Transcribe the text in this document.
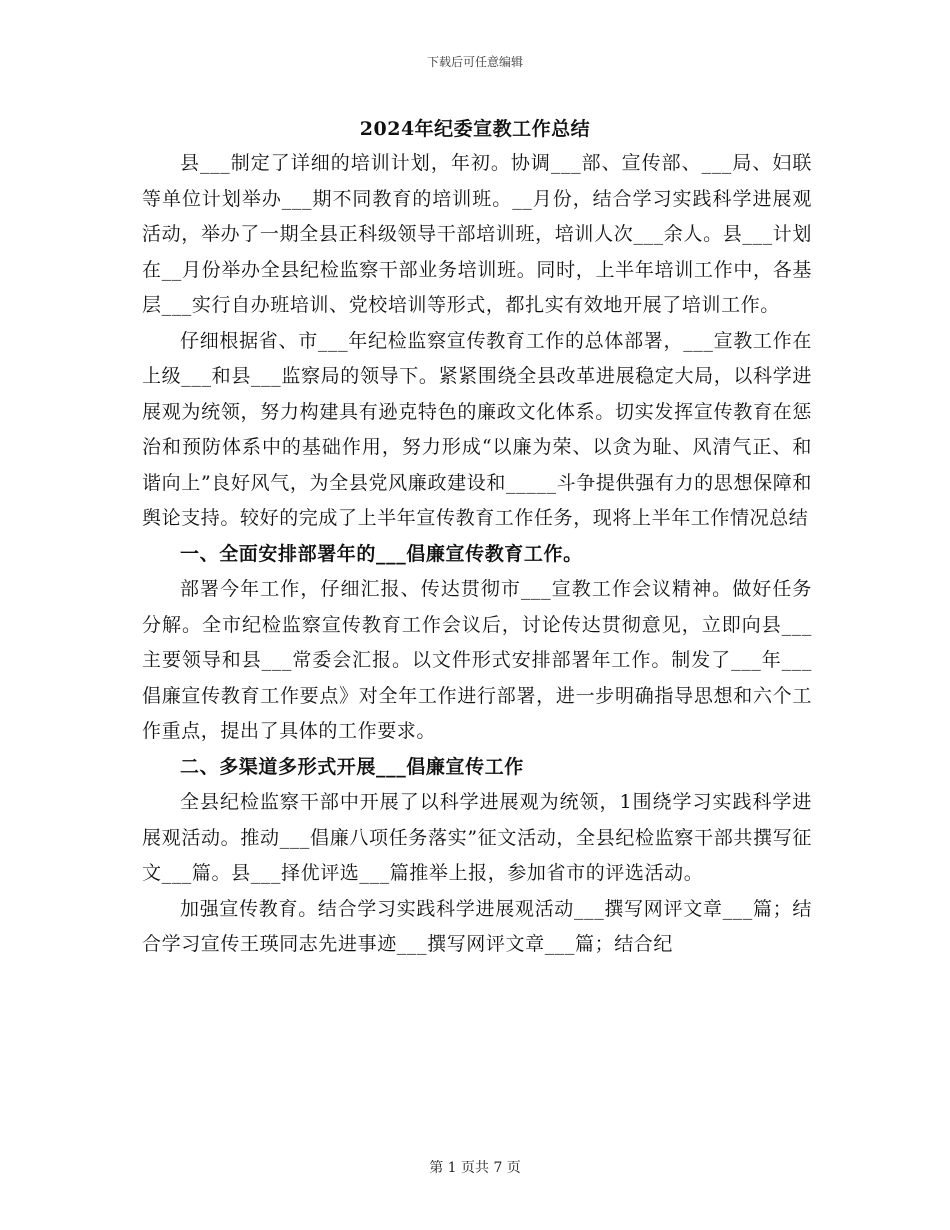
下载后可任意编辑
2024年纪委宣教工作总结

县___制定了详细的培训计划，年初。协调___部、宣传部、___局、妇联等单位计划举办___期不同教育的培训班。__月份，结合学习实践科学进展观活动，举办了一期全县正科级领导干部培训班，培训人次___余人。县___计划在__月份举办全县纪检监察干部业务培训班。同时，上半年培训工作中，各基层___实行自办班培训、党校培训等形式，都扎实有效地开展了培训工作。

仔细根据省、市___年纪检监察宣传教育工作的总体部署，___宣教工作在上级___和县___监察局的领导下。紧紧围绕全县改革进展稳定大局，以科学进展观为统领，努力构建具有逊克特色的廉政文化体系。切实发挥宣传教育在惩治和预防体系中的基础作用，努力形成“以廉为荣、以贪为耻、风清气正、和谐向上”良好风气，为全县党风廉政建设和_____斗争提供强有力的思想保障和舆论支持。较好的完成了上半年宣传教育工作任务，现将上半年工作情况总结

一、全面安排部署年的___倡廉宣传教育工作。

部署今年工作，仔细汇报、传达贯彻市___宣教工作会议精神。做好任务分解。全市纪检监察宣传教育工作会议后，讨论传达贯彻意见，立即向县___主要领导和县___常委会汇报。以文件形式安排部署年工作。制发了___年___倡廉宣传教育工作要点》对全年工作进行部署，进一步明确指导思想和六个工作重点，提出了具体的工作要求。

二、多渠道多形式开展___倡廉宣传工作

全县纪检监察干部中开展了以科学进展观为统领，1围绕学习实践科学进展观活动。推动___倡廉八项任务落实”征文活动，全县纪检监察干部共撰写征文___篇。县___择优评选___篇推举上报，参加省市的评选活动。

加强宣传教育。结合学习实践科学进展观活动___撰写网评文章___篇；结合学习宣传王瑛同志先进事迹___撰写网评文章___篇；结合纪

第 1 页共 7 页
